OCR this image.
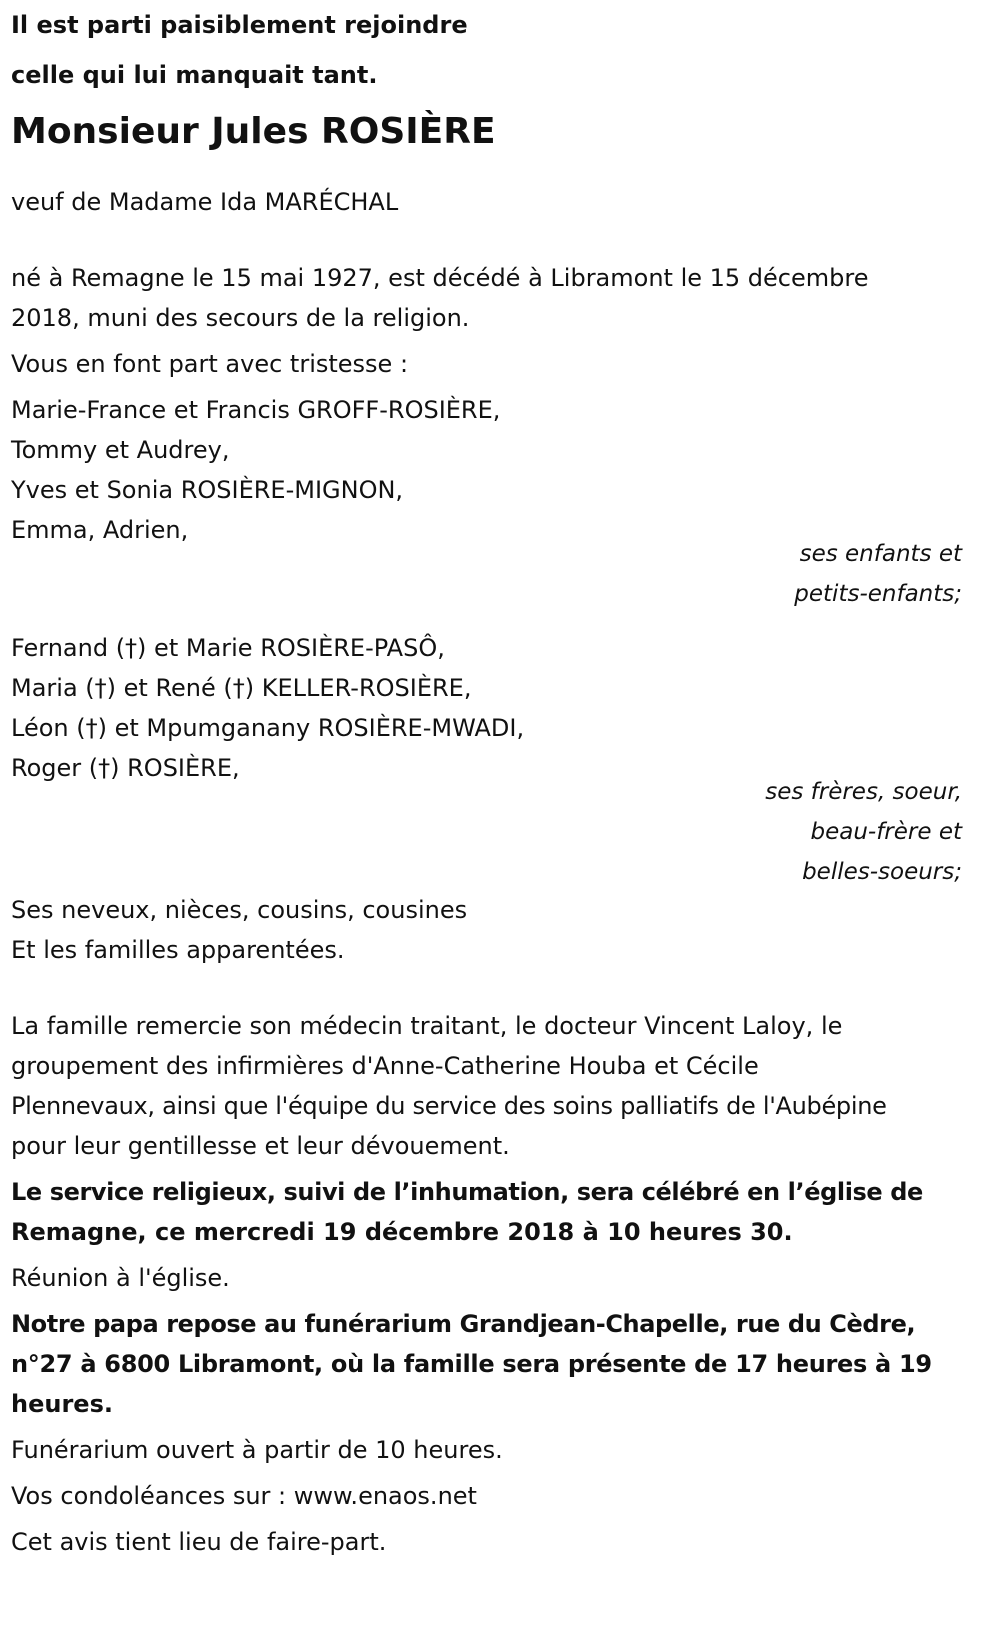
Il est parti paisiblement rejoindre
celle qui lui manquait tant.
Monsieur Jules ROSIÈRE
veuf de Madame Ida MARÉCHAL
né à Remagne le 15 mai 1927, est décédé à Libramont le 15 décembre
2018, muni des secours de la religion.
Vous en font part avec tristesse :
Marie-France et Francis GROFF-ROSIÈRE,
Tommy et Audrey,
Yves et Sonia ROSIÈRE-MIGNON,
Emma, Adrien,
ses enfants et
petits-enfants;
Fernand (†) et Marie ROSIÈRE-PASÔ,
Maria (†) et René (†) KELLER-ROSIÈRE,
Léon (†) et Mpumganany ROSIÈRE-MWADI,
Roger (†) ROSIÈRE,
ses frères, soeur,
beau-frère et
belles-soeurs;
Ses neveux, nièces, cousins, cousines
Et les familles apparentées.
La famille remercie son médecin traitant, le docteur Vincent Laloy, le
groupement des infirmières d'Anne-Catherine Houba et Cécile
Plennevaux, ainsi que l'équipe du service des soins palliatifs de l'Aubépine
pour leur gentillesse et leur dévouement.
Le service religieux, suivi de l’inhumation, sera célébré en l’église de
Remagne, ce mercredi 19 décembre 2018 à 10 heures 30.
Réunion à l'église.
Notre papa repose au funérarium Grandjean-Chapelle, rue du Cèdre,
n°27 à 6800 Libramont, où la famille sera présente de 17 heures à 19
heures.
Funérarium ouvert à partir de 10 heures.
Vos condoléances sur : www.enaos.net
Cet avis tient lieu de faire-part.
